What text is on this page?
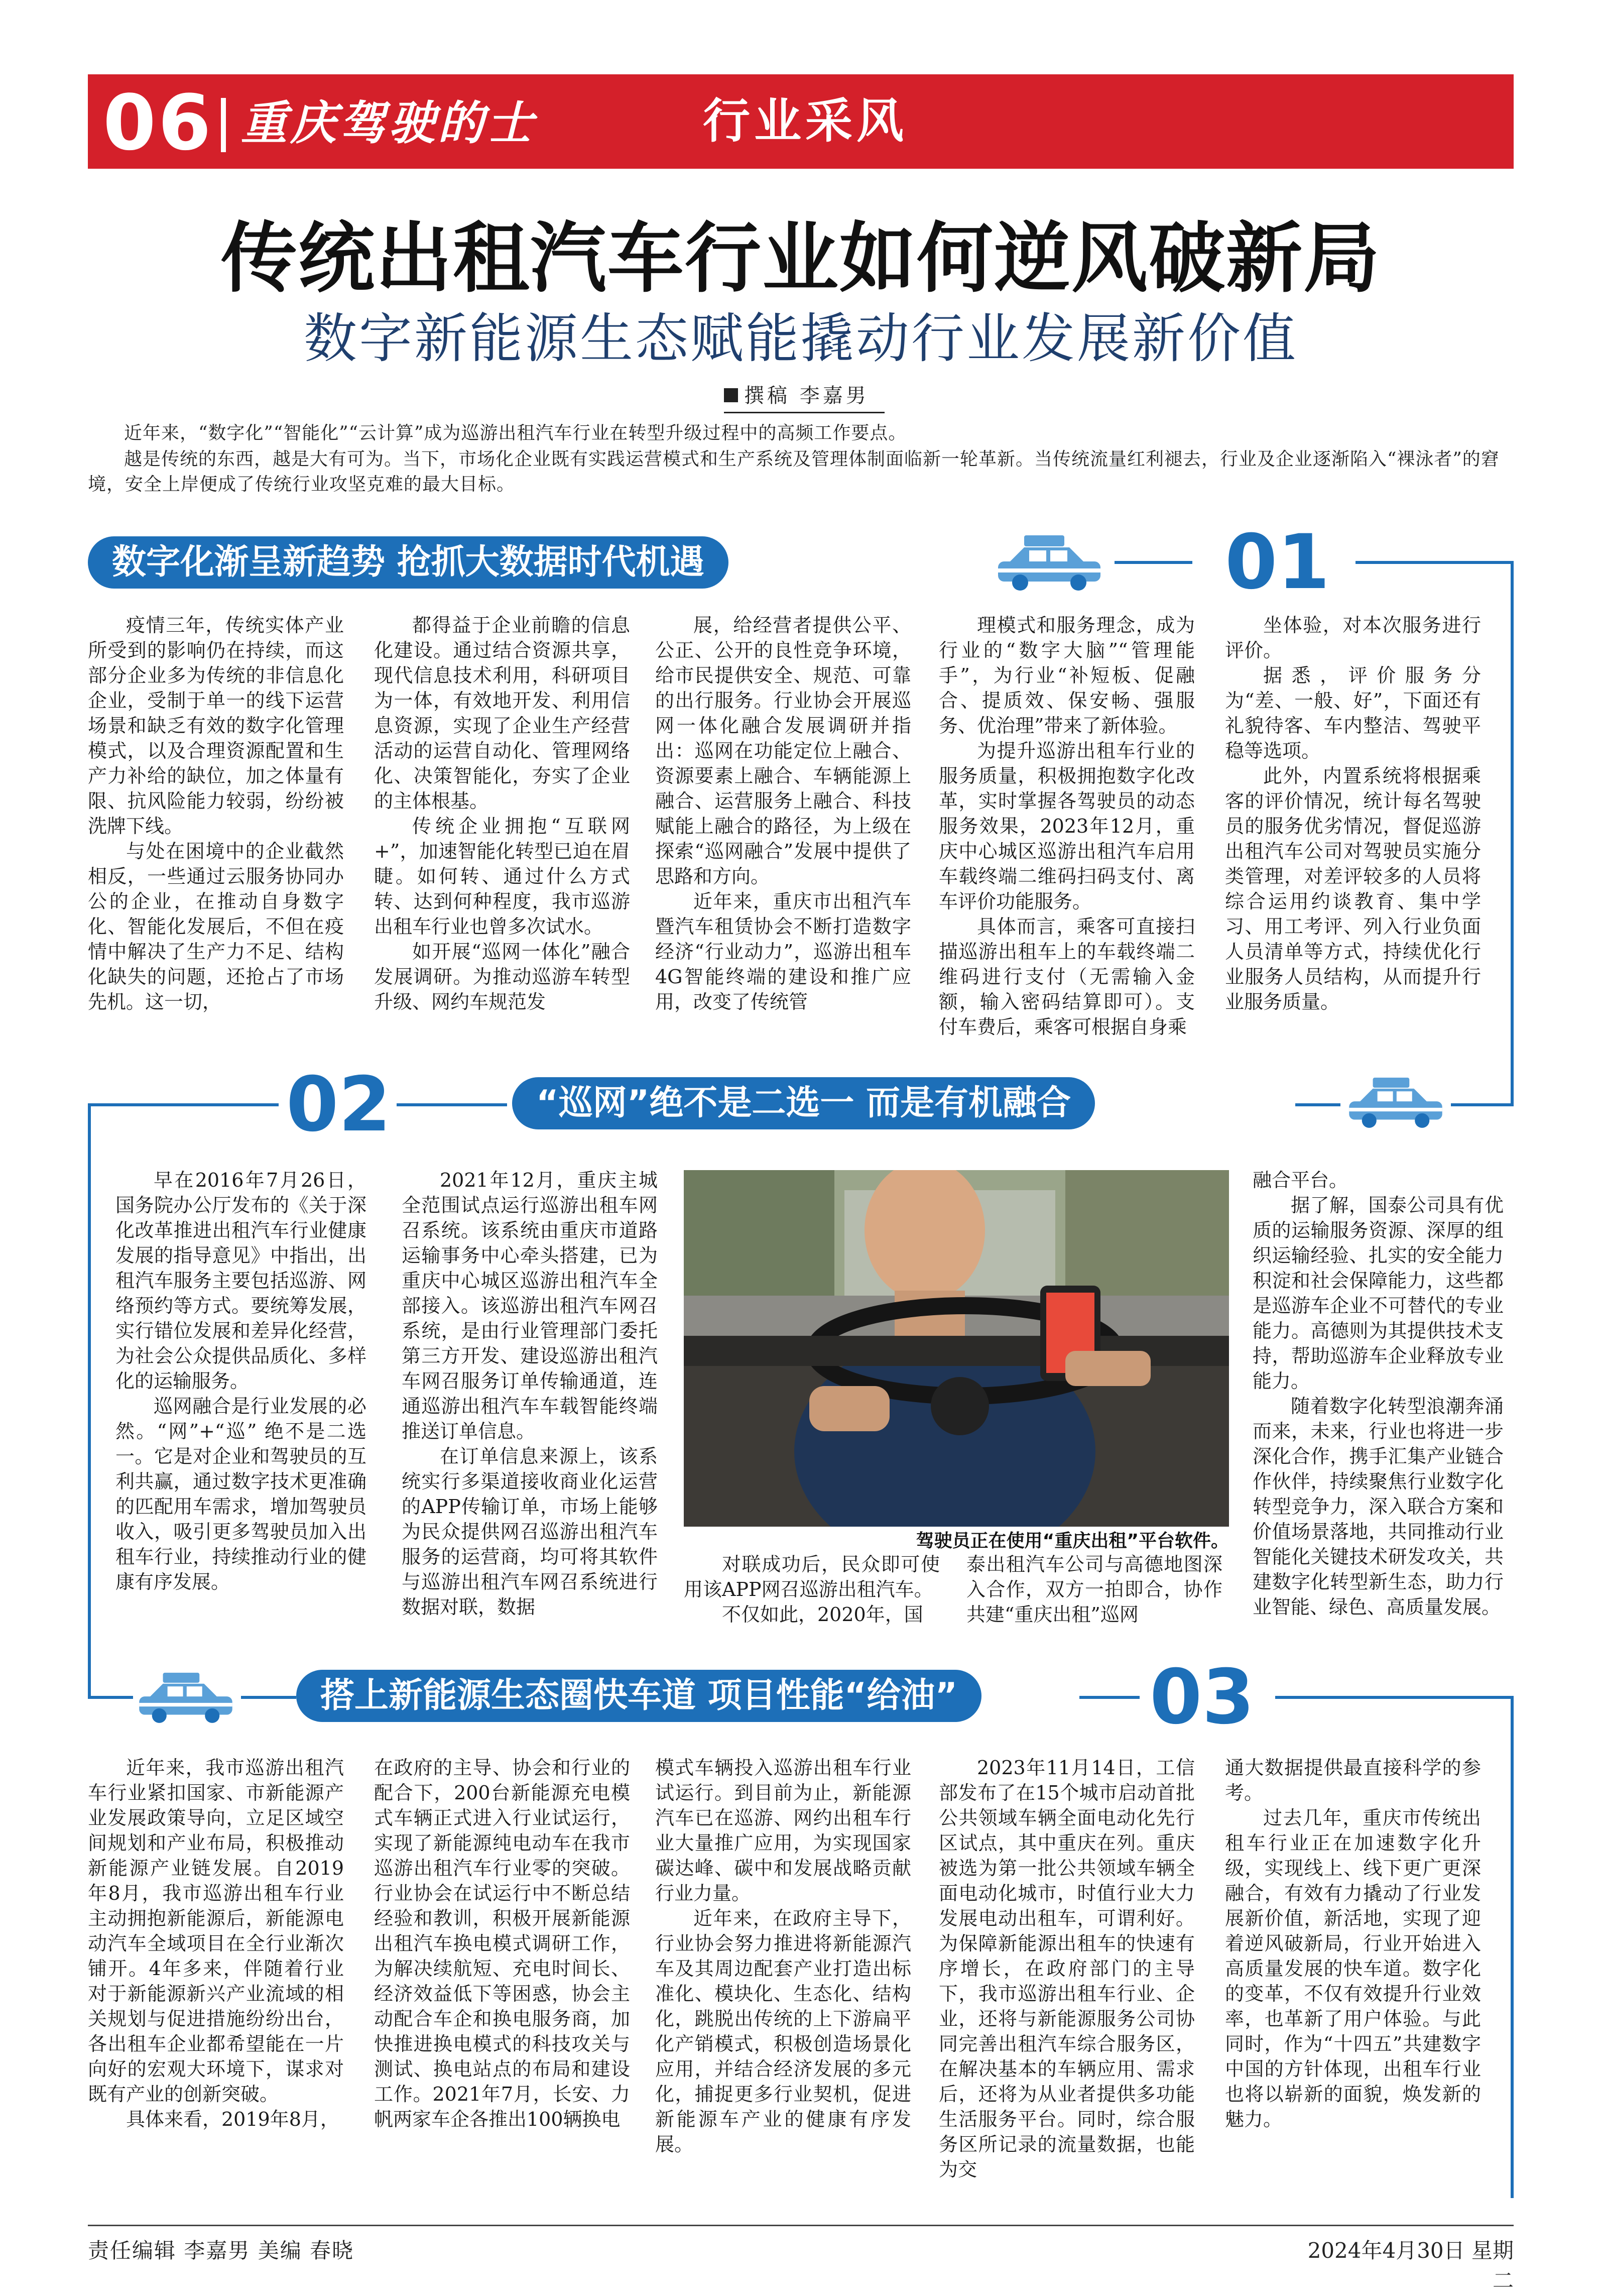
06 重庆驾驶的士	行业采风
传统出租汽车行业如何逆风破新局
数字新能源生态赋能撬动行业发展新价值
撰稿 李嘉男
近年来，“数字化”“智能化”“云计算”成为巡游出租汽车行业在转型升级过程中的高频工作要点。
越是传统的东西，越是大有可为。当下，市场化企业既有实践运营模式和生产系统及管理体制面临新一轮革新。当传统流量红利褪去，行业及企业逐渐陷入“裸泳者”的窘境，安全上岸便成了传统行业攻坚克难的最大目标。
数字化渐呈新趋势 抢抓大数据时代机遇	01

疫情三年，传统实体产业所受到的影响仍在持续，而这部分企业多为传统的非信息化企业，受制于单一的线下运营场景和缺乏有效的数字化管理模式，以及合理资源配置和生产力补给的缺位，加之体量有限、抗风险能力较弱，纷纷被洗牌下线。

与处在困境中的企业截然相反，一些通过云服务协同办公的企业，在推动自身数字化、智能化发展后，不但在疫情中解决了生产力不足、结构化缺失的问题，还抢占了市场先机。这一切，

都得益于企业前瞻的信息化建设。通过结合资源共享，现代信息技术利用，科研项目为一体，有效地开发、利用信息资源，实现了企业生产经营活动的运营自动化、管理网络化、决策智能化，夯实了企业的主体根基。

传统企业拥抱“互联网+”，加速智能化转型已迫在眉睫。如何转、通过什么方式转、达到何种程度，我市巡游出租车行业也曾多次试水。

如开展“巡网一体化”融合发展调研。为推动巡游车转型升级、网约车规范发

展，给经营者提供公平、公正、公开的良性竞争环境，给市民提供安全、规范、可靠的出行服务。行业协会开展巡网一体化融合发展调研并指出：巡网在功能定位上融合、资源要素上融合、车辆能源上融合、运营服务上融合、科技赋能上融合的路径，为上级在探索“巡网融合”发展中提供了思路和方向。

近年来，重庆市出租汽车暨汽车租赁协会不断打造数字经济“行业动力”，巡游出租车4G智能终端的建设和推广应用，改变了传统管

理模式和服务理念，成为行业的“数字大脑”“管理能手”，为行业“补短板、促融合、提质效、保安畅、强服务、优治理”带来了新体验。

为提升巡游出租车行业的服务质量，积极拥抱数字化改革，实时掌握各驾驶员的动态服务效果，2023年12月，重庆中心城区巡游出租汽车启用车载终端二维码扫码支付、离车评价功能服务。

具体而言，乘客可直接扫描巡游出租车上的车载终端二维码进行支付（无需输入金额，输入密码结算即可）。支付车费后，乘客可根据自身乘

坐体验，对本次服务进行评价。

据悉，评价服务分为“差、一般、好”，下面还有礼貌待客、车内整洁、驾驶平稳等选项。

此外，内置系统将根据乘客的评价情况，统计每名驾驶员的服务优劣情况，督促巡游出租汽车公司对驾驶员实施分类管理，对差评较多的人员将综合运用约谈教育、集中学习、用工考评、列入行业负面人员清单等方式，持续优化行业服务人员结构，从而提升行业服务质量。

02	“巡网”绝不是二选一 而是有机融合

早在2016年7月26日，国务院办公厅发布的《关于深化改革推进出租汽车行业健康发展的指导意见》中指出，出租汽车服务主要包括巡游、网络预约等方式。要统筹发展，实行错位发展和差异化经营，为社会公众提供品质化、多样化的运输服务。

巡网融合是行业发展的必然。“网”+“巡” 绝不是二选一。它是对企业和驾驶员的互利共赢，通过数字技术更准确的匹配用车需求，增加驾驶员收入，吸引更多驾驶员加入出租车行业，持续推动行业的健康有序发展。

2021年12月，重庆主城全范围试点运行巡游出租车网召系统。该系统由重庆市道路运输事务中心牵头搭建，已为重庆中心城区巡游出租汽车全部接入。该巡游出租汽车网召系统，是由行业管理部门委托第三方开发、建设巡游出租汽车网召服务订单传输通道，连通巡游出租汽车车载智能终端推送订单信息。

在订单信息来源上，该系统实行多渠道接收商业化运营的APP传输订单，市场上能够为民众提供网召巡游出租汽车服务的运营商，均可将其软件与巡游出租汽车网召系统进行数据对联，数据

驾驶员正在使用“重庆出租”平台软件。

对联成功后，民众即可使用该APP网召巡游出租汽车。

不仅如此，2020年，国

泰出租汽车公司与高德地图深入合作，双方一拍即合，协作共建“重庆出租”巡网

融合平台。

据了解，国泰公司具有优质的运输服务资源、深厚的组织运输经验、扎实的安全能力积淀和社会保障能力，这些都是巡游车企业不可替代的专业能力。高德则为其提供技术支持，帮助巡游车企业释放专业能力。

随着数字化转型浪潮奔涌而来，未来，行业也将进一步深化合作，携手汇集产业链合作伙伴，持续聚焦行业数字化转型竞争力，深入联合方案和价值场景落地，共同推动行业智能化关键技术研发攻关，共建数字化转型新生态，助力行业智能、绿色、高质量发展。

搭上新能源生态圈快车道 项目性能“给油”	03

近年来，我市巡游出租汽车行业紧扣国家、市新能源产业发展政策导向，立足区域空间规划和产业布局，积极推动新能源产业链发展。自2019年8月，我市巡游出租车行业主动拥抱新能源后，新能源电动汽车全域项目在全行业渐次铺开。4年多来，伴随着行业对于新能源新兴产业流域的相关规划与促进措施纷纷出台，各出租车企业都希望能在一片向好的宏观大环境下，谋求对既有产业的创新突破。

具体来看，2019年8月，

在政府的主导、协会和行业的配合下，200台新能源充电模式车辆正式进入行业试运行，实现了新能源纯电动车在我市巡游出租汽车行业零的突破。行业协会在试运行中不断总结经验和教训，积极开展新能源出租汽车换电模式调研工作，为解决续航短、充电时间长、经济效益低下等困惑，协会主动配合车企和换电服务商，加快推进换电模式的科技攻关与测试、换电站点的布局和建设工作。2021年7月，长安、力帆两家车企各推出100辆换电

模式车辆投入巡游出租车行业试运行。到目前为止，新能源汽车已在巡游、网约出租车行业大量推广应用，为实现国家碳达峰、碳中和发展战略贡献行业力量。

近年来，在政府主导下，行业协会努力推进将新能源汽车及其周边配套产业打造出标准化、模块化、生态化、结构化，跳脱出传统的上下游扁平化产销模式，积极创造场景化应用，并结合经济发展的多元化，捕捉更多行业契机，促进新能源车产业的健康有序发展。

2023年11月14日，工信部发布了在15个城市启动首批公共领域车辆全面电动化先行区试点，其中重庆在列。重庆被选为第一批公共领域车辆全面电动化城市，时值行业大力发展电动出租车，可谓利好。为保障新能源出租车的快速有序增长，在政府部门的主导下，我市巡游出租车行业、企业，还将与新能源服务公司协同完善出租汽车综合服务区，在解决基本的车辆应用、需求后，还将为从业者提供多功能生活服务平台。同时，综合服务区所记录的流量数据，也能为交

通大数据提供最直接科学的参考。

过去几年，重庆市传统出租车行业正在加速数字化升级，实现线上、线下更广更深融合，有效有力撬动了行业发展新价值，新活地，实现了迎着逆风破新局，行业开始进入高质量发展的快车道。数字化的变革，不仅有效提升行业效率，也革新了用户体验。与此同时，作为“十四五”共建数字中国的方针体现，出租车行业也将以崭新的面貌，焕发新的魅力。

责任编辑 李嘉男 美编 春晓	2024年4月30日 星期二
